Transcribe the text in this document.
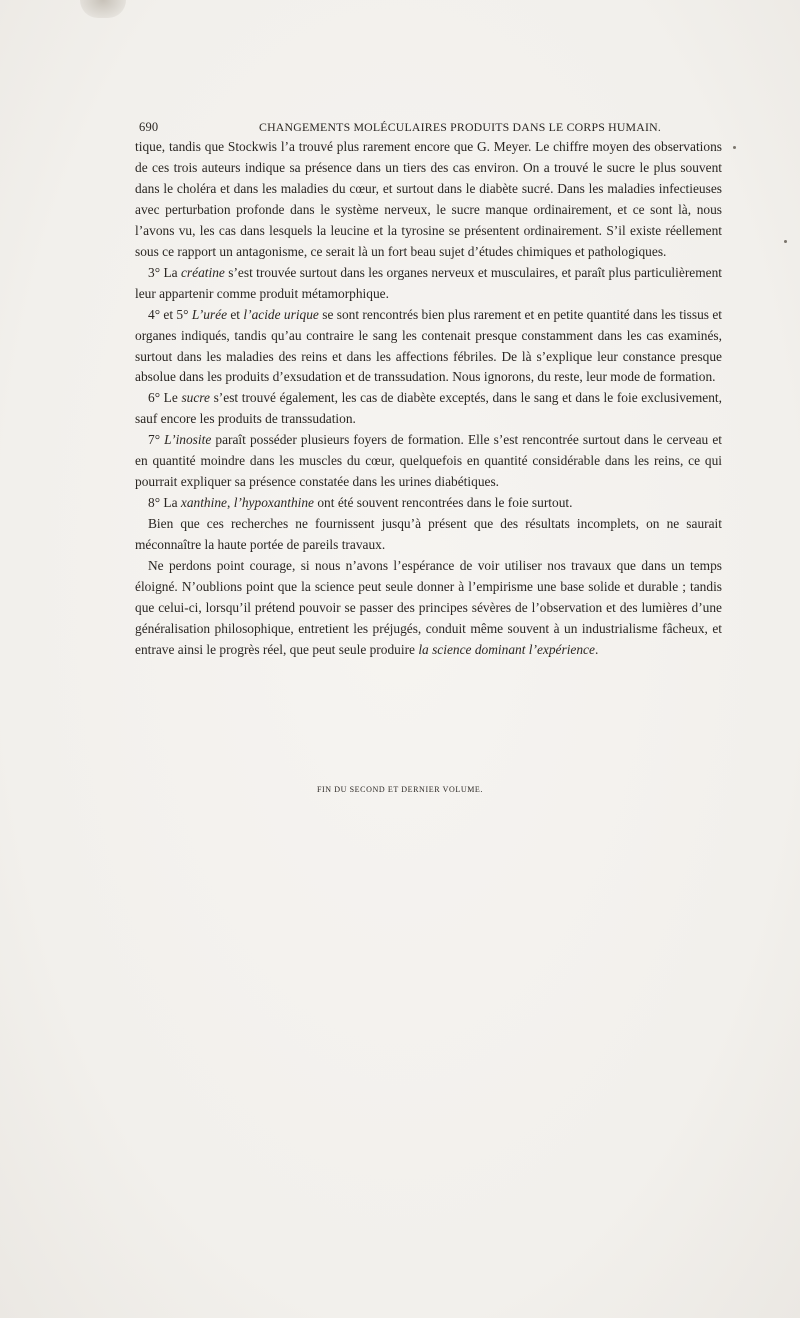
690	CHANGEMENTS MOLÉCULAIRES PRODUITS DANS LE CORPS HUMAIN.

tique, tandis que Stockwis l’a trouvé plus rarement encore que G. Meyer. Le chiffre moyen des observations de ces trois auteurs indique sa présence dans un tiers des cas environ. On a trouvé le sucre le plus souvent dans le choléra et dans les maladies du cœur, et surtout dans le diabète sucré. Dans les maladies infectieuses avec perturbation profonde dans le système nerveux, le sucre manque ordinairement, et ce sont là, nous l’avons vu, les cas dans lesquels la leucine et la tyrosine se présentent ordinairement. S’il existe réellement sous ce rapport un antagonisme, ce serait là un fort beau sujet d’études chimiques et pathologiques.

3° La créatine s’est trouvée surtout dans les organes nerveux et musculaires, et paraît plus particulièrement leur appartenir comme produit métamorphique.

4° et 5° L’urée et l’acide urique se sont rencontrés bien plus rarement et en petite quantité dans les tissus et organes indiqués, tandis qu’au contraire le sang les contenait presque constamment dans les cas examinés, surtout dans les maladies des reins et dans les affections fébriles. De là s’explique leur constance presque absolue dans les produits d’exsudation et de transsudation. Nous ignorons, du reste, leur mode de formation.

6° Le sucre s’est trouvé également, les cas de diabète exceptés, dans le sang et dans le foie exclusivement, sauf encore les produits de transsudation.

7° L’inosite paraît posséder plusieurs foyers de formation. Elle s’est rencontrée surtout dans le cerveau et en quantité moindre dans les muscles du cœur, quelquefois en quantité considérable dans les reins, ce qui pourrait expliquer sa présence constatée dans les urines diabétiques.

8° La xanthine, l’hypoxanthine ont été souvent rencontrées dans le foie surtout.

Bien que ces recherches ne fournissent jusqu’à présent que des résultats incomplets, on ne saurait méconnaître la haute portée de pareils travaux.

Ne perdons point courage, si nous n’avons l’espérance de voir utiliser nos travaux que dans un temps éloigné. N’oublions point que la science peut seule donner à l’empirisme une base solide et durable ; tandis que celui-ci, lorsqu’il prétend pouvoir se passer des principes sévères de l’observation et des lumières d’une généralisation philosophique, entretient les préjugés, conduit même souvent à un industrialisme fâcheux, et entrave ainsi le progrès réel, que peut seule produire la science dominant l’expérience.

FIN DU SECOND ET DERNIER VOLUME.
